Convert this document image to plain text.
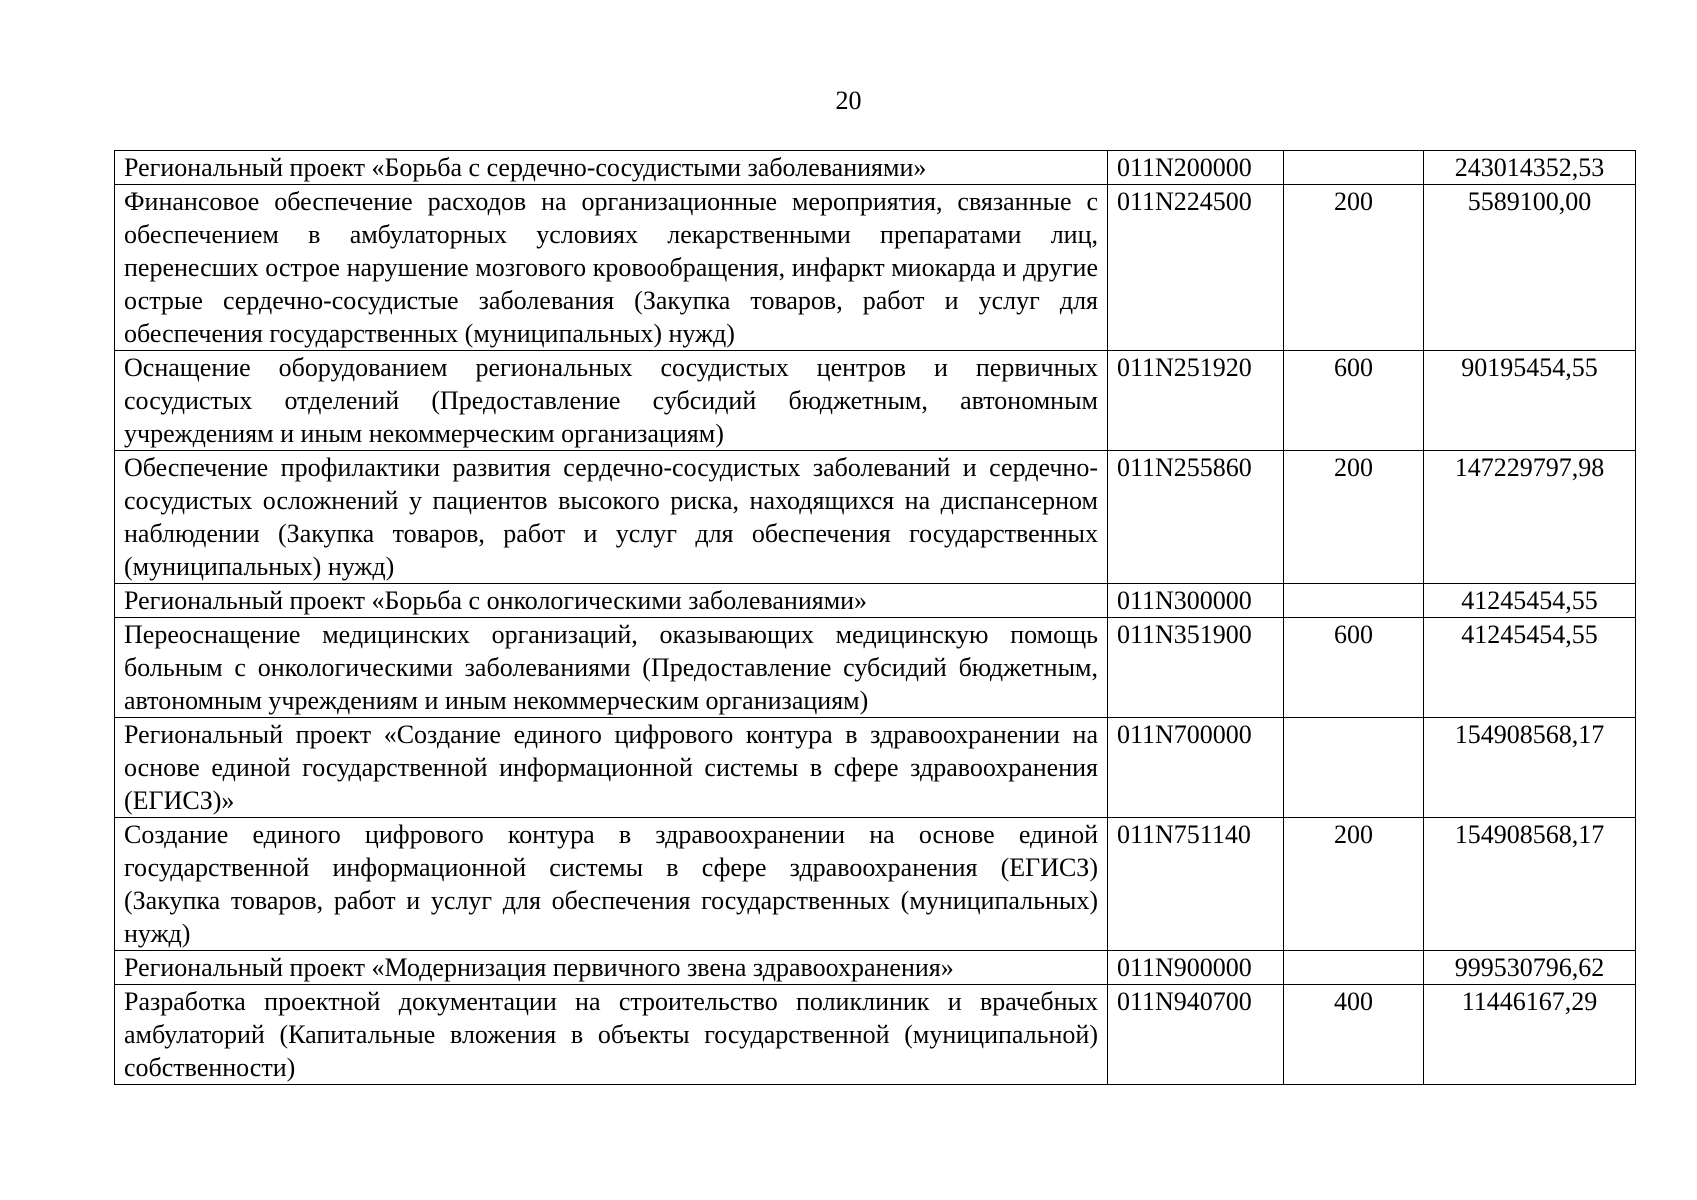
20
Региональный проект «Борьба с сердечно-сосудистыми заболеваниями»	011N200000		243014352,53
Финансовое обеспечение расходов на организационные мероприятия, связанные с обеспечением в амбулаторных условиях лекарственными препаратами лиц, перенесших острое нарушение мозгового кровообращения, инфаркт миокарда и другие острые сердечно-сосудистые заболевания (Закупка товаров, работ и услуг для обеспечения государственных (муниципальных) нужд)	011N224500	200	5589100,00
Оснащение оборудованием региональных сосудистых центров и первичных сосудистых отделений (Предоставление субсидий бюджетным, автономным учреждениям и иным некоммерческим организациям)	011N251920	600	90195454,55
Обеспечение профилактики развития сердечно-сосудистых заболеваний и сердечно-сосудистых осложнений у пациентов высокого риска, находящихся на диспансерном наблюдении (Закупка товаров, работ и услуг для обеспечения государственных (муниципальных) нужд)	011N255860	200	147229797,98
Региональный проект «Борьба с онкологическими заболеваниями»	011N300000		41245454,55
Переоснащение медицинских организаций, оказывающих медицинскую помощь больным с онкологическими заболеваниями (Предоставление субсидий бюджетным, автономным учреждениям и иным некоммерческим организациям)	011N351900	600	41245454,55
Региональный проект «Создание единого цифрового контура в здравоохранении на основе единой государственной информационной системы в сфере здравоохранения (ЕГИСЗ)»	011N700000		154908568,17
Создание единого цифрового контура в здравоохранении на основе единой государственной информационной системы в сфере здравоохранения (ЕГИСЗ) (Закупка товаров, работ и услуг для обеспечения государственных (муниципальных) нужд)	011N751140	200	154908568,17
Региональный проект «Модернизация первичного звена здравоохранения»	011N900000		999530796,62
Разработка проектной документации на строительство поликлиник и врачебных амбулаторий (Капитальные вложения в объекты государственной (муниципальной) собственности)	011N940700	400	11446167,29
